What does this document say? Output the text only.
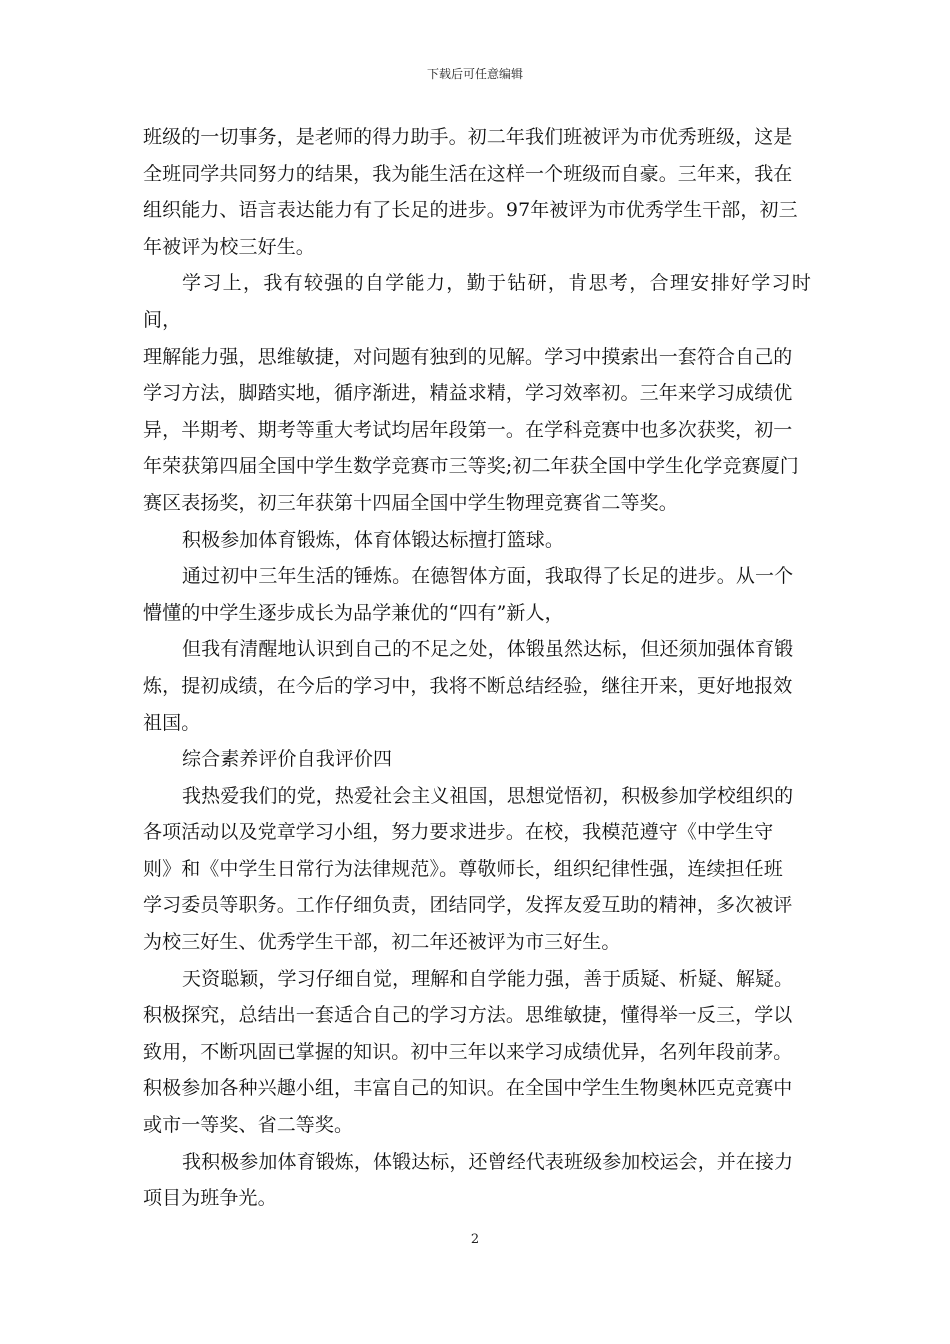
下载后可任意编辑

班级的一切事务，是老师的得力助手。初二年我们班被评为市优秀班级，这是
全班同学共同努力的结果，我为能生活在这样一个班级而自豪。三年来，我在
组织能力、语言表达能力有了长足的进步。97年被评为市优秀学生干部，初三
年被评为校三好生。

学习上，我有较强的自学能力，勤于钻研，肯思考，合理安排好学习时间，
理解能力强，思维敏捷，对问题有独到的见解。学习中摸索出一套符合自己的
学习方法，脚踏实地，循序渐进，精益求精，学习效率初。三年来学习成绩优
异，半期考、期考等重大考试均居年段第一。在学科竞赛中也多次获奖，初一
年荣获第四届全国中学生数学竞赛市三等奖;初二年获全国中学生化学竞赛厦门
赛区表扬奖，初三年获第十四届全国中学生物理竞赛省二等奖。

积极参加体育锻炼，体育体锻达标擅打篮球。

通过初中三年生活的锤炼。在德智体方面，我取得了长足的进步。从一个
懵懂的中学生逐步成长为品学兼优的“四有”新人，

但我有清醒地认识到自己的不足之处，体锻虽然达标，但还须加强体育锻
炼，提初成绩，在今后的学习中，我将不断总结经验，继往开来，更好地报效
祖国。

综合素养评价自我评价四

我热爱我们的党，热爱社会主义祖国，思想觉悟初，积极参加学校组织的
各项活动以及党章学习小组，努力要求进步。在校，我模范遵守《中学生守
则》和《中学生日常行为法律规范》。尊敬师长，组织纪律性强，连续担任班
学习委员等职务。工作仔细负责，团结同学，发挥友爱互助的精神，多次被评
为校三好生、优秀学生干部，初二年还被评为市三好生。

天资聪颖，学习仔细自觉，理解和自学能力强，善于质疑、析疑、解疑。
积极探究，总结出一套适合自己的学习方法。思维敏捷，懂得举一反三，学以
致用，不断巩固已掌握的知识。初中三年以来学习成绩优异，名列年段前茅。
积极参加各种兴趣小组，丰富自己的知识。在全国中学生生物奥林匹克竞赛中
或市一等奖、省二等奖。

我积极参加体育锻炼，体锻达标，还曾经代表班级参加校运会，并在接力
项目为班争光。

2
